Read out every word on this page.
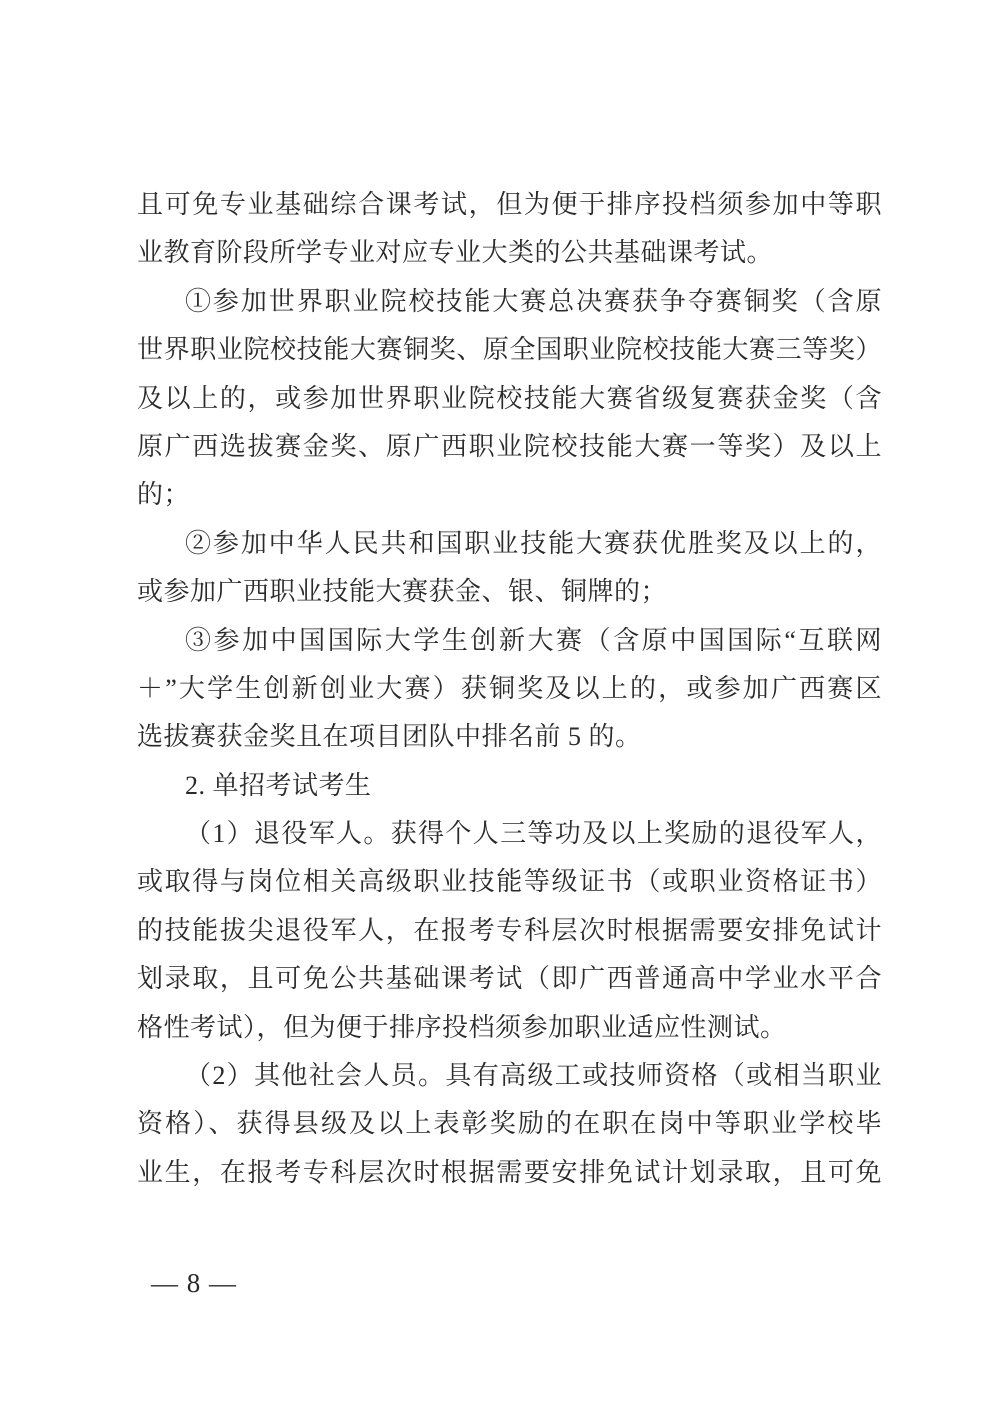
且可免专业基础综合课考试，但为便于排序投档须参加中等职
业教育阶段所学专业对应专业大类的公共基础课考试。
①参加世界职业院校技能大赛总决赛获争夺赛铜奖（含原
世界职业院校技能大赛铜奖、原全国职业院校技能大赛三等奖）
及以上的，或参加世界职业院校技能大赛省级复赛获金奖（含
原广西选拔赛金奖、原广西职业院校技能大赛一等奖）及以上
的；
②参加中华人民共和国职业技能大赛获优胜奖及以上的，
或参加广西职业技能大赛获金、银、铜牌的；
③参加中国国际大学生创新大赛（含原中国国际“互联网
＋”大学生创新创业大赛）获铜奖及以上的，或参加广西赛区
选拔赛获金奖且在项目团队中排名前 5 的。
2. 单招考试考生
（1）退役军人。获得个人三等功及以上奖励的退役军人，
或取得与岗位相关高级职业技能等级证书（或职业资格证书）
的技能拔尖退役军人，在报考专科层次时根据需要安排免试计
划录取，且可免公共基础课考试（即广西普通高中学业水平合
格性考试），但为便于排序投档须参加职业适应性测试。
（2）其他社会人员。具有高级工或技师资格（或相当职业
资格）、获得县级及以上表彰奖励的在职在岗中等职业学校毕
业生，在报考专科层次时根据需要安排免试计划录取，且可免
— 8 —
